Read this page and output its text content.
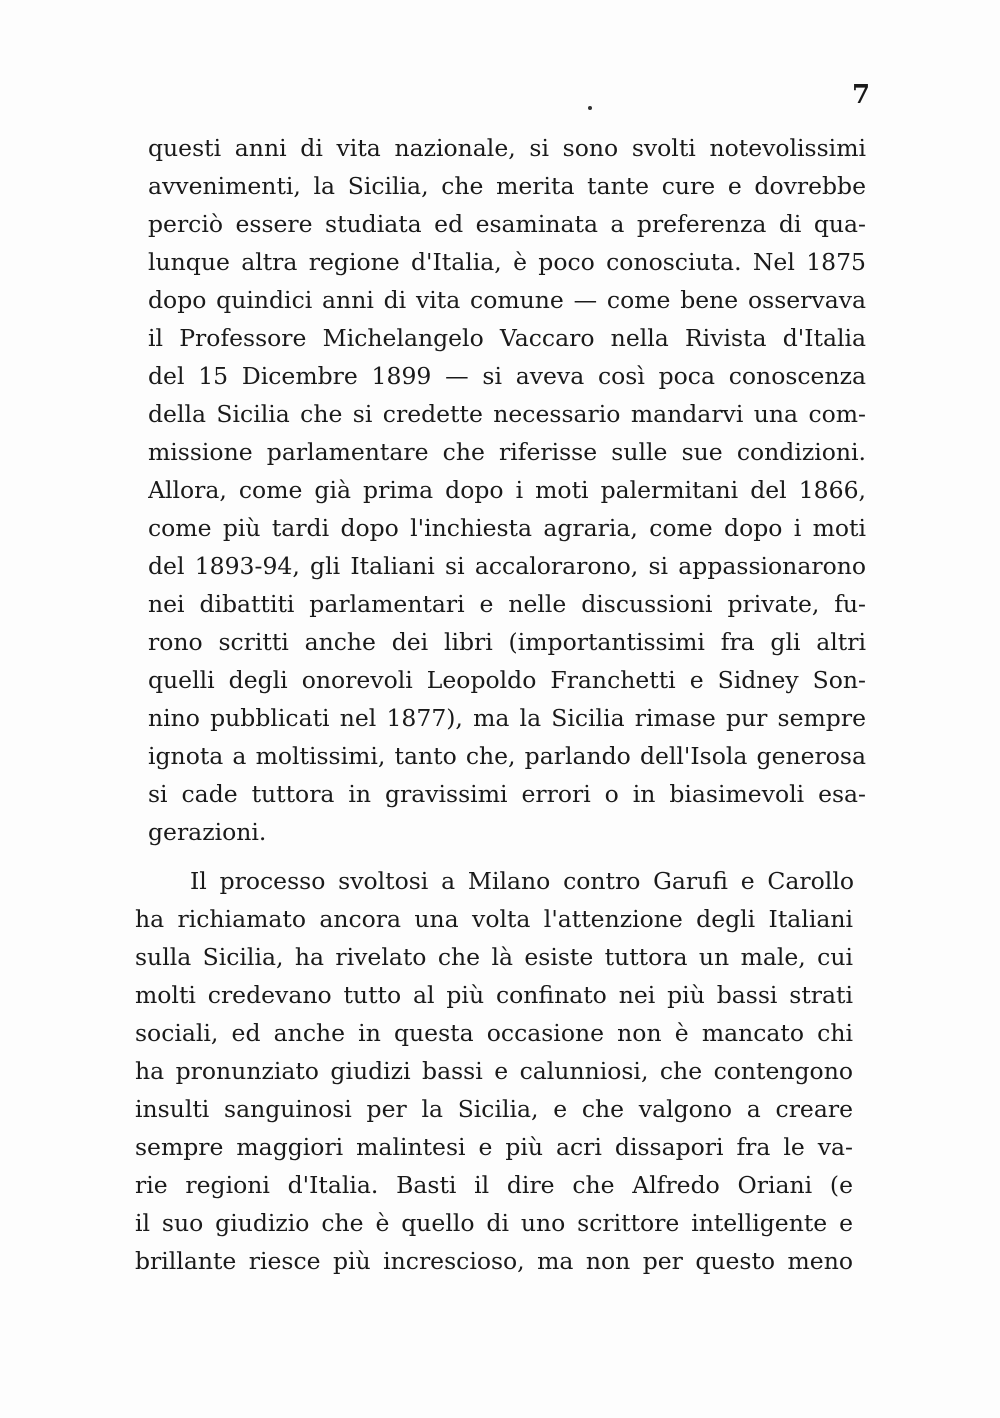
7
questi anni di vita nazionale, si sono svolti notevolissimi
avvenimenti, la Sicilia, che merita tante cure e dovrebbe
perciò essere studiata ed esaminata a preferenza di qua-
lunque altra regione d'Italia, è poco conosciuta. Nel 1875
dopo quindici anni di vita comune — come bene osservava
il Professore Michelangelo Vaccaro nella Rivista d'Italia
del 15 Dicembre 1899 — si aveva così poca conoscenza
della Sicilia che si credette necessario mandarvi una com-
missione parlamentare che riferisse sulle sue condizioni.
Allora, come già prima dopo i moti palermitani del 1866,
come più tardi dopo l'inchiesta agraria, come dopo i moti
del 1893-94, gli Italiani si accalorarono, si appassionarono
nei dibattiti parlamentari e nelle discussioni private, fu-
rono scritti anche dei libri (importantissimi fra gli altri
quelli degli onorevoli Leopoldo Franchetti e Sidney Son-
nino pubblicati nel 1877), ma la Sicilia rimase pur sempre
ignota a moltissimi, tanto che, parlando dell'Isola generosa
si cade tuttora in gravissimi errori o in biasimevoli esa-
gerazioni.
Il processo svoltosi a Milano contro Garufi e Carollo
ha richiamato ancora una volta l'attenzione degli Italiani
sulla Sicilia, ha rivelato che là esiste tuttora un male, cui
molti credevano tutto al più confinato nei più bassi strati
sociali, ed anche in questa occasione non è mancato chi
ha pronunziato giudizi bassi e calunniosi, che contengono
insulti sanguinosi per la Sicilia, e che valgono a creare
sempre maggiori malintesi e più acri dissapori fra le va-
rie regioni d'Italia. Basti il dire che Alfredo Oriani (e
il suo giudizio che è quello di uno scrittore intelligente e
brillante riesce più increscioso, ma non per questo meno
